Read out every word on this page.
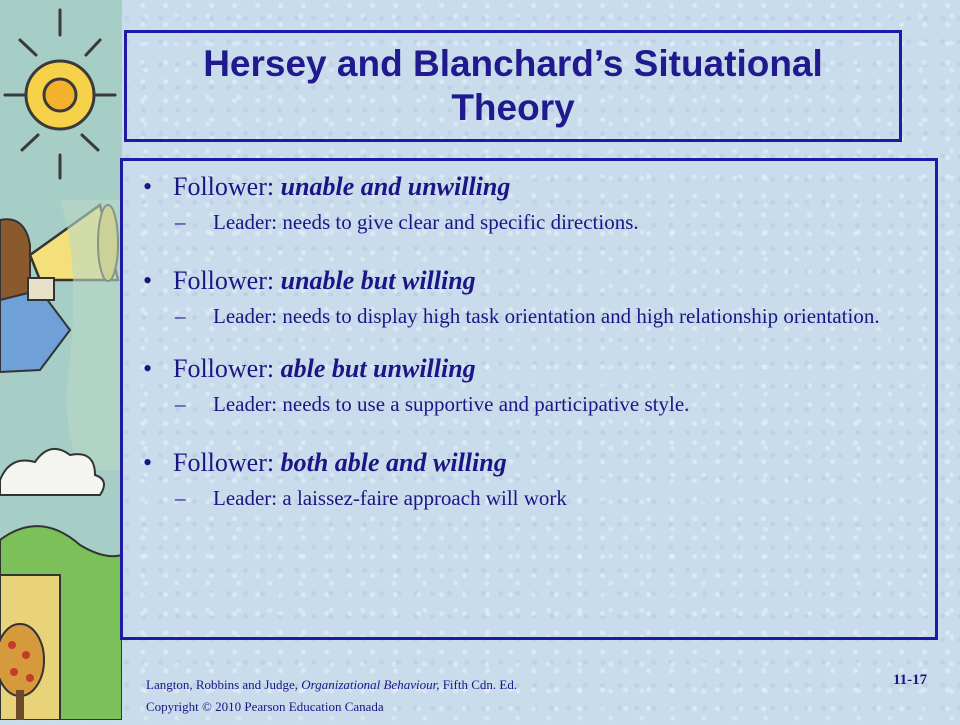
Hersey and Blanchard’s Situational Theory
• Follower: unable and unwilling
–	Leader: needs to give clear and specific directions.
• Follower: unable but willing
–	Leader: needs to display high task orientation and high relationship orientation.
• Follower: able but unwilling
–	Leader: needs to use a supportive and participative style.
• Follower: both able and willing
–	Leader: a laissez-faire approach will work
Langton, Robbins and Judge, Organizational Behaviour, Fifth Cdn. Ed.
Copyright © 2010 Pearson Education Canada
11-17
